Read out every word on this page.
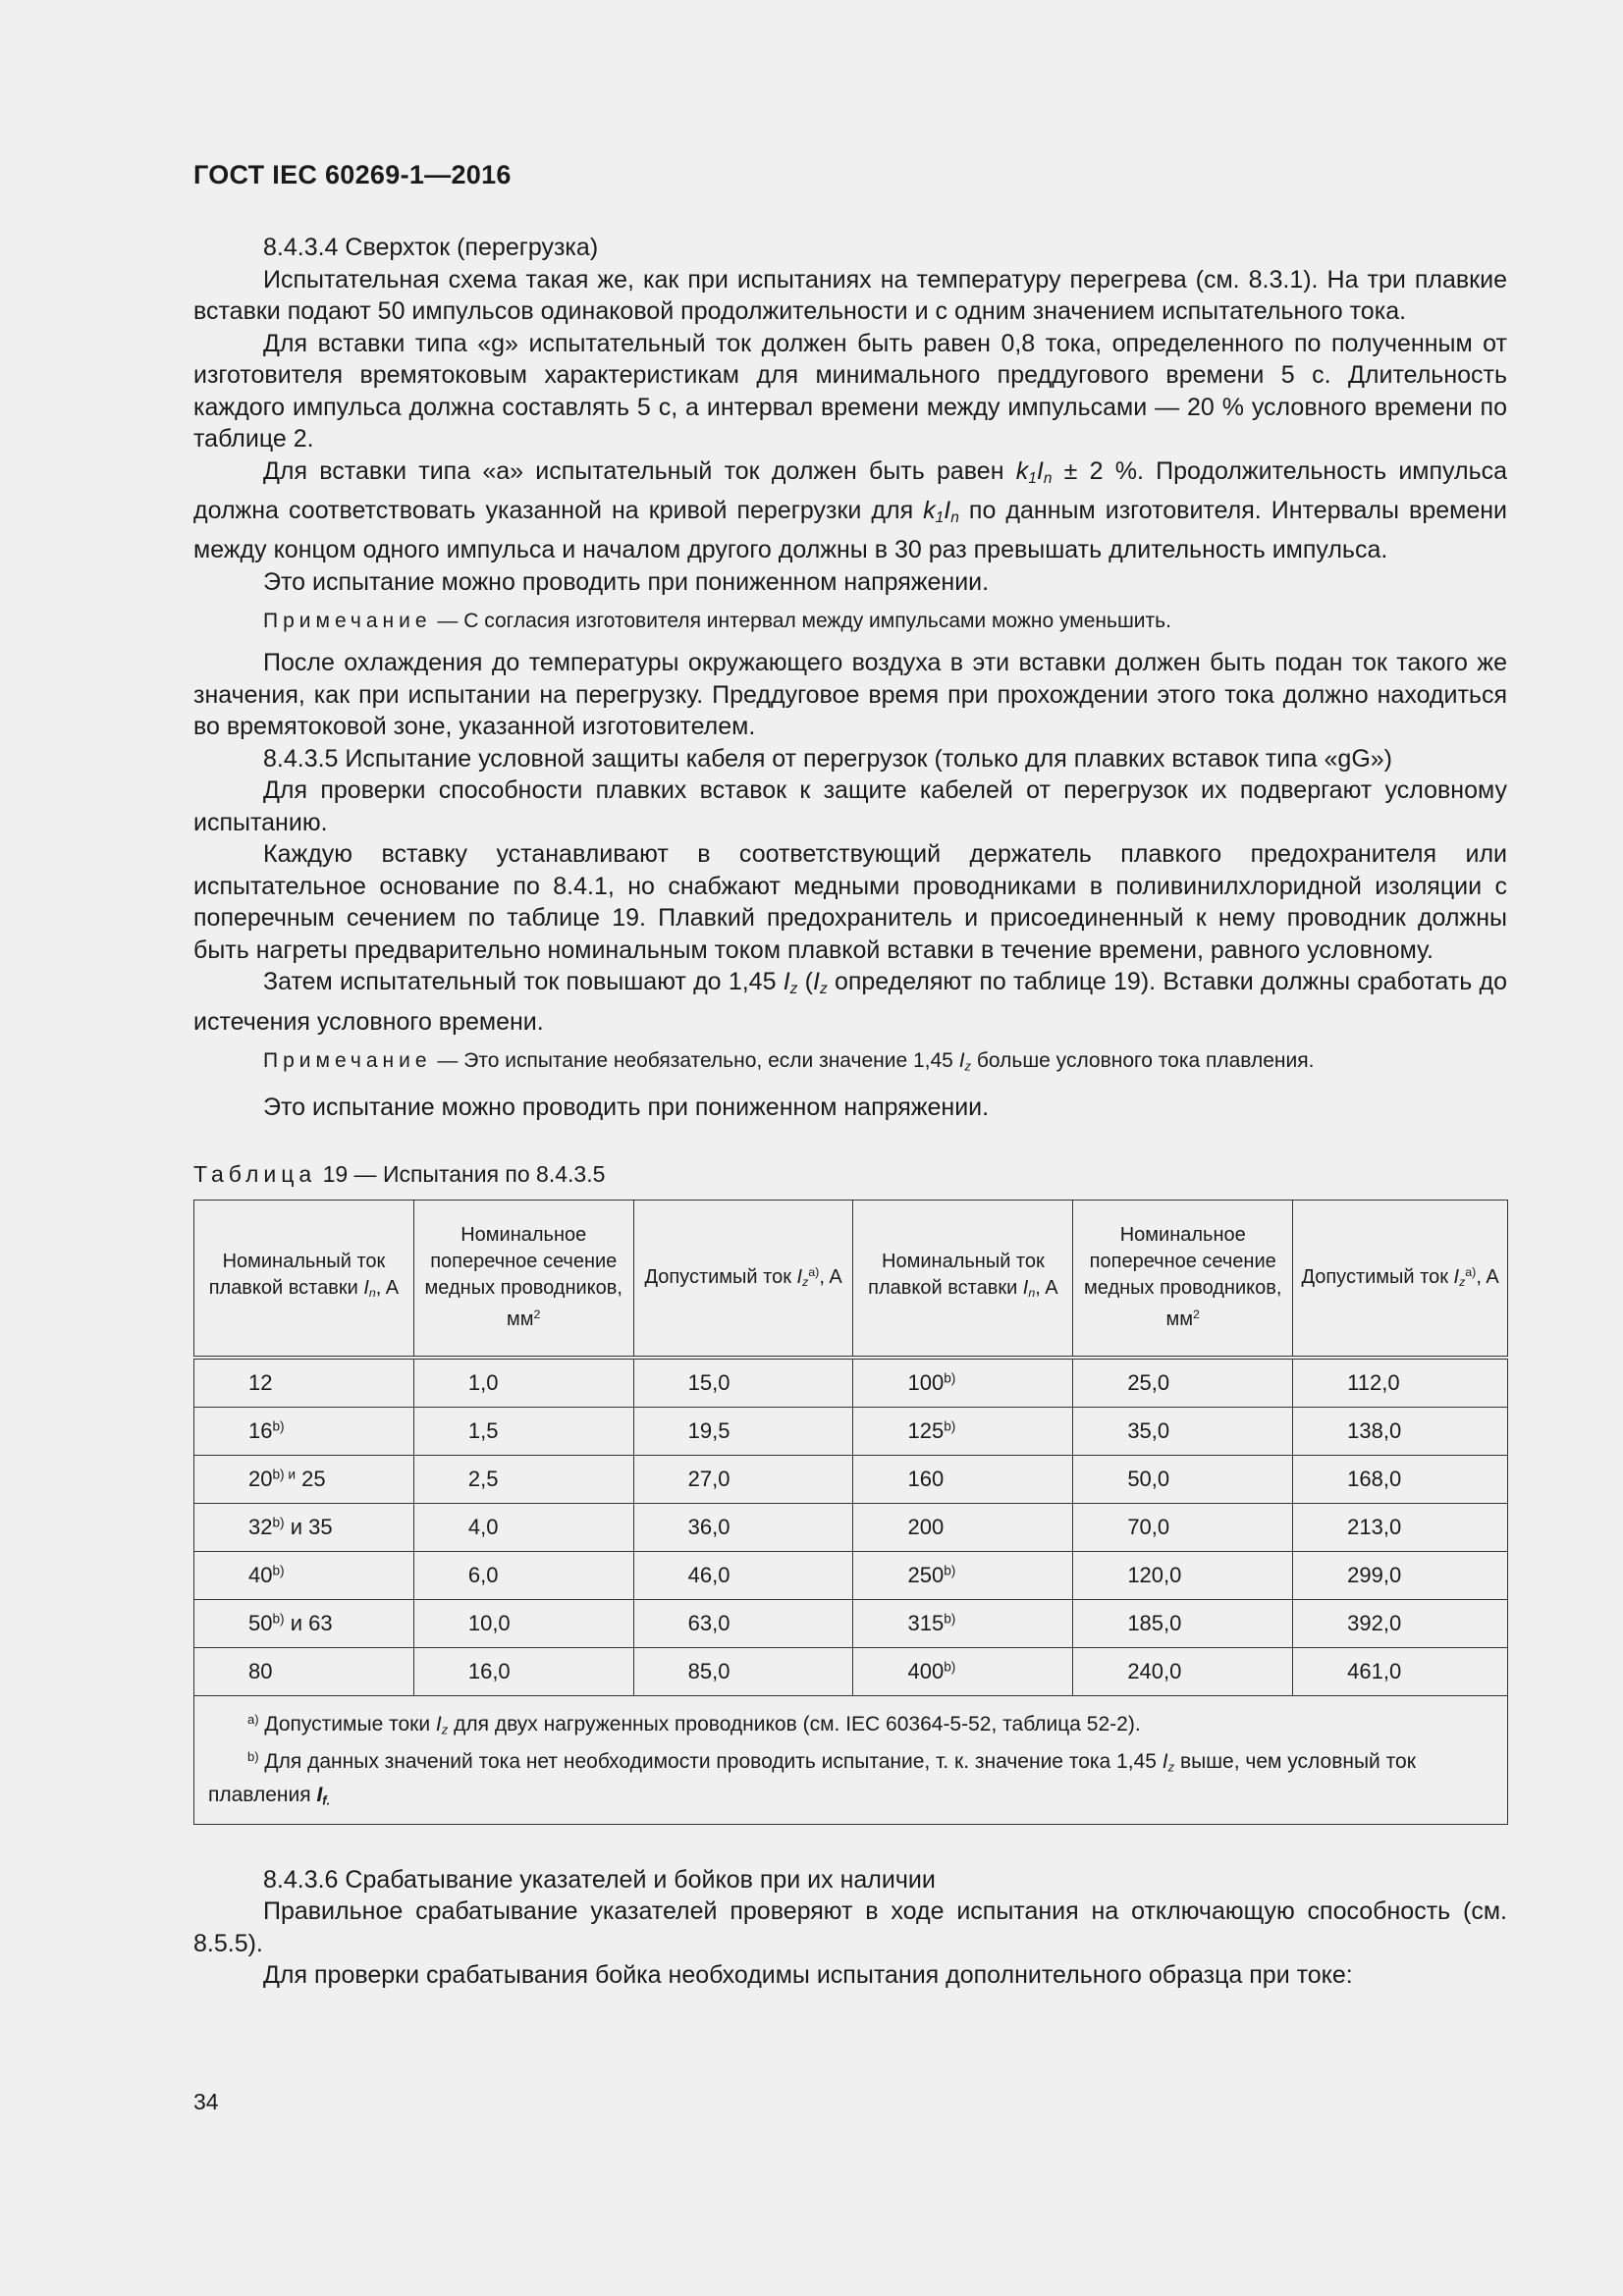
ГОСТ IEC 60269-1—2016

8.4.3.4 Сверхток (перегрузка)

Испытательная схема такая же, как при испытаниях на температуру перегрева (см. 8.3.1). На три плавкие вставки подают 50 импульсов одинаковой продолжительности и с одним значением испытательного тока.

Для вставки типа «g» испытательный ток должен быть равен 0,8 тока, определенного по полученным от изготовителя времятоковым характеристикам для минимального преддугового времени 5 с. Длительность каждого импульса должна составлять 5 с, а интервал времени между импульсами — 20 % условного времени по таблице 2.

Для вставки типа «а» испытательный ток должен быть равен $k_1I_n \pm 2$ %. Продолжительность импульса должна соответствовать указанной на кривой перегрузки для $k_1I_n$ по данным изготовителя. Интервалы времени между концом одного импульса и началом другого должны в 30 раз превышать длительность импульса.

Это испытание можно проводить при пониженном напряжении.

Примечание — С согласия изготовителя интервал между импульсами можно уменьшить.

После охлаждения до температуры окружающего воздуха в эти вставки должен быть подан ток такого же значения, как при испытании на перегрузку. Преддуговое время при прохождении этого тока должно находиться во времятоковой зоне, указанной изготовителем.

8.4.3.5 Испытание условной защиты кабеля от перегрузок (только для плавких вставок типа «gG»)

Для проверки способности плавких вставок к защите кабелей от перегрузок их подвергают условному испытанию.

Каждую вставку устанавливают в соответствующий держатель плавкого предохранителя или испытательное основание по 8.4.1, но снабжают медными проводниками в поливинилхлоридной изоляции с поперечным сечением по таблице 19. Плавкий предохранитель и присоединенный к нему проводник должны быть нагреты предварительно номинальным током плавкой вставки в течение времени, равного условному.

Затем испытательный ток повышают до 1,45 $I_z$ ($I_z$ определяют по таблице 19). Вставки должны сработать до истечения условного времени.

Примечание — Это испытание необязательно, если значение 1,45 $I_z$ больше условного тока плавления.

Это испытание можно проводить при пониженном напряжении.

Таблица 19 — Испытания по 8.4.3.5
Номинальный ток плавкой вставки $I_n$, A	Номинальное поперечное сечение медных проводников, $мм^2$	Допустимый ток $I_z^{a)}$, A	Номинальный ток плавкой вставки $I_n$, A	Номинальное поперечное сечение медных проводников, $мм^2$	Допустимый ток $I_z^{a)}$, A
12	1,0	15,0	100$^{b)}$	25,0	112,0
16$^{b)}$	1,5	19,5	125$^{b)}$	35,0	138,0
$20^{b) и}$ 25	2,5	27,0	160	50,0	168,0
32$^{b)}$ и 35	4,0	36,0	200	70,0	213,0
40$^{b)}$	6,0	46,0	250$^{b)}$	120,0	299,0
50$^{b)}$ и 63	10,0	63,0	315$^{b)}$	185,0	392,0
80	16,0	85,0	400$^{b)}$	240,0	461,0

$^{a)}$ Допустимые токи $I_z$ для двух нагруженных проводников (см. IEC 60364-5-52, таблица 52-2).
$^{b)}$ Для данных значений тока нет необходимости проводить испытание, т. к. значение тока 1,45 $I_z$ выше, чем условный ток плавления $I_{f.}$

8.4.3.6 Срабатывание указателей и бойков при их наличии

Правильное срабатывание указателей проверяют в ходе испытания на отключающую способность (см. 8.5.5).

Для проверки срабатывания бойка необходимы испытания дополнительного образца при токе:

34
